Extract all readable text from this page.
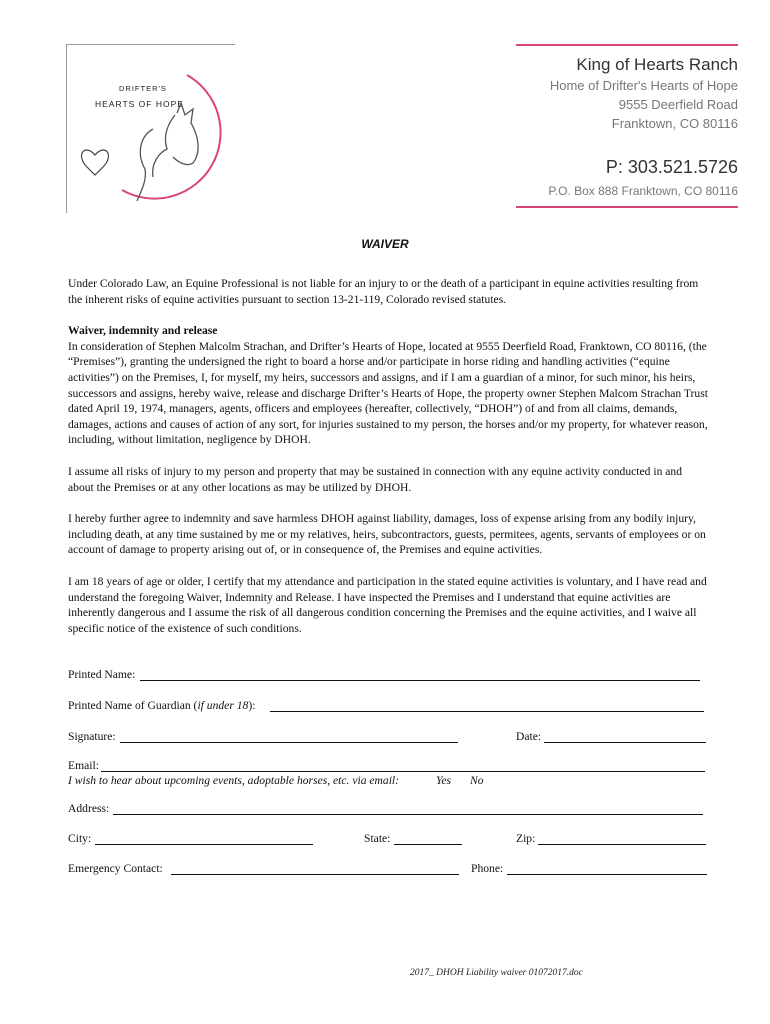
DRIFTER'S
HEARTS OF HOPE
King of Hearts Ranch
Home of Drifter's Hearts of Hope
9555 Deerfield Road
Franktown, CO 80116
P: 303.521.5726
P.O. Box 888 Franktown, CO 80116
WAIVER

Under Colorado Law, an Equine Professional is not liable for an injury to or the death of a participant in equine activities resulting from the inherent risks of equine activities pursuant to section 13-21-119, Colorado revised statutes.

Waiver, indemnity and release
In consideration of Stephen Malcolm Strachan, and Drifter’s Hearts of Hope, located at 9555 Deerfield Road, Franktown, CO 80116, (the “Premises”), granting the undersigned the right to board a horse and/or participate in horse riding and handling activities (“equine activities”) on the Premises, I, for myself, my heirs, successors and assigns, and if I am a guardian of a minor, for such minor, his heirs, successors and assigns, hereby waive, release and discharge Drifter’s Hearts of Hope, the property owner Stephen Malcom Strachan Trust dated April 19, 1974, managers, agents, officers and employees (hereafter, collectively, “DHOH”) of and from all claims, demands, damages, actions and causes of action of any sort, for injuries sustained to my person, the horses and/or my property, for whatever reason, including, without limitation, negligence by DHOH.

I assume all risks of injury to my person and property that may be sustained in connection with any equine activity conducted in and about the Premises or at any other locations as may be utilized by DHOH.

I hereby further agree to indemnity and save harmless DHOH against liability, damages, loss of expense arising from any bodily injury, including death, at any time sustained by me or my relatives, heirs, subcontractors, guests, permitees, agents, servants of employees or on account of damage to property arising out of, or in consequence of, the Premises and equine activities.

I am 18 years of age or older, I certify that my attendance and participation in the stated equine activities is voluntary, and I have read and understand the foregoing Waiver, Indemnity and Release. I have inspected the Premises and I understand that equine activities are inherently dangerous and I assume the risk of all dangerous condition concerning the Premises and the equine activities, and I waive all specific notice of the existence of such conditions.

Printed Name:
Printed Name of Guardian (if under 18):
Signature:	Date:
Email:
I wish to hear about upcoming events, adoptable horses, etc. via email:	Yes No
Address:
City:	State:	Zip:
Emergency Contact:	Phone:
2017_ DHOH Liability waiver 01072017.doc
